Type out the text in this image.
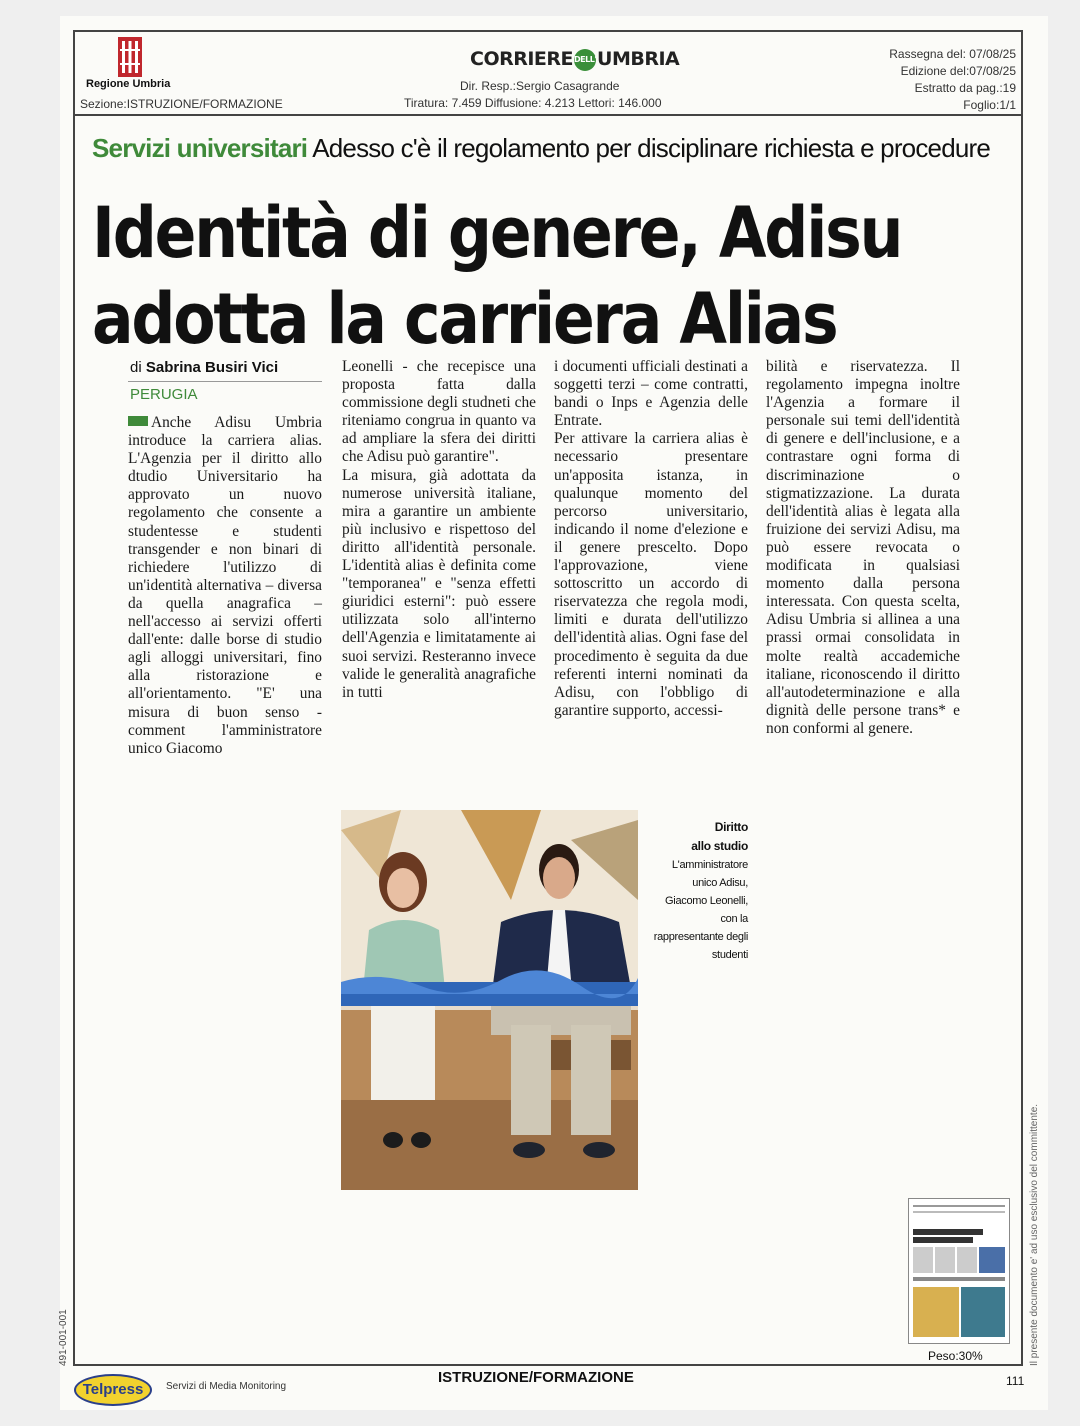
Regione Umbria
Sezione:ISTRUZIONE/FORMAZIONE
CORRIEREDELL'UMBRIA
Dir. Resp.:Sergio Casagrande
Tiratura: 7.459 Diffusione: 4.213 Lettori: 146.000
Rassegna del: 07/08/25
Edizione del:07/08/25
Estratto da pag.:19
Foglio:1/1
Servizi universitari Adesso c'è il regolamento per disciplinare richiesta e procedure
Identità di genere, Adisu
adotta la carriera Alias
di Sabrina Busiri Vici
PERUGIA

Anche Adisu Umbria introduce la carriera alias. L'Agenzia per il diritto allo dtudio Universitario ha approvato un nuovo regolamento che consente a studentesse e studenti transgender e non binari di richiedere l'utilizzo di un'identità alternativa – diversa da quella anagrafica – nell'accesso ai servizi offerti dall'ente: dalle borse di studio agli alloggi universitari, fino alla ristorazione e all'orientamento. "E' una misura di buon senso - comment l'amministratore unico Giacomo

Leonelli - che recepisce una proposta fatta dalla commissione degli studneti che riteniamo congrua in quanto va ad ampliare la sfera dei diritti che Adisu può garantire".

La misura, già adottata da numerose università italiane, mira a garantire un ambiente più inclusivo e rispettoso del diritto all'identità personale. L'identità alias è definita come "temporanea" e "senza effetti giuridici esterni": può essere utilizzata solo all'interno dell'Agenzia e limitatamente ai suoi servizi. Resteranno invece valide le generalità anagrafiche in tutti

i documenti ufficiali destinati a soggetti terzi – come contratti, bandi o Inps e Agenzia delle Entrate.

Per attivare la carriera alias è necessario presentare un'apposita istanza, in qualunque momento del percorso universitario, indicando il nome d'elezione e il genere prescelto. Dopo l'approvazione, viene sottoscritto un accordo di riservatezza che regola modi, limiti e durata dell'utilizzo dell'identità alias. Ogni fase del procedimento è seguita da due referenti interni nominati da Adisu, con l'obbligo di garantire supporto, accessi-

bilità e riservatezza. Il regolamento impegna inoltre l'Agenzia a formare il personale sui temi dell'identità di genere e dell'inclusione, e a contrastare ogni forma di discriminazione o stigmatizzazione. La durata dell'identità alias è legata alla fruizione dei servizi Adisu, ma può essere revocata o modificata in qualsiasi momento dalla persona interessata. Con questa scelta, Adisu Umbria si allinea a una prassi ormai consolidata in molte realtà accademiche italiane, riconoscendo il diritto all'autodeterminazione e alla dignità delle persone trans* e non conformi al genere.

Diritto
allo studio
L'amministratore unico Adisu, Giacomo Leonelli, con la rappresentante degli studenti
Peso:30%	Il presente documento e' ad uso esclusivo del committente.
491-001-001
Telpress	Servizi di Media Monitoring
ISTRUZIONE/FORMAZIONE	111
